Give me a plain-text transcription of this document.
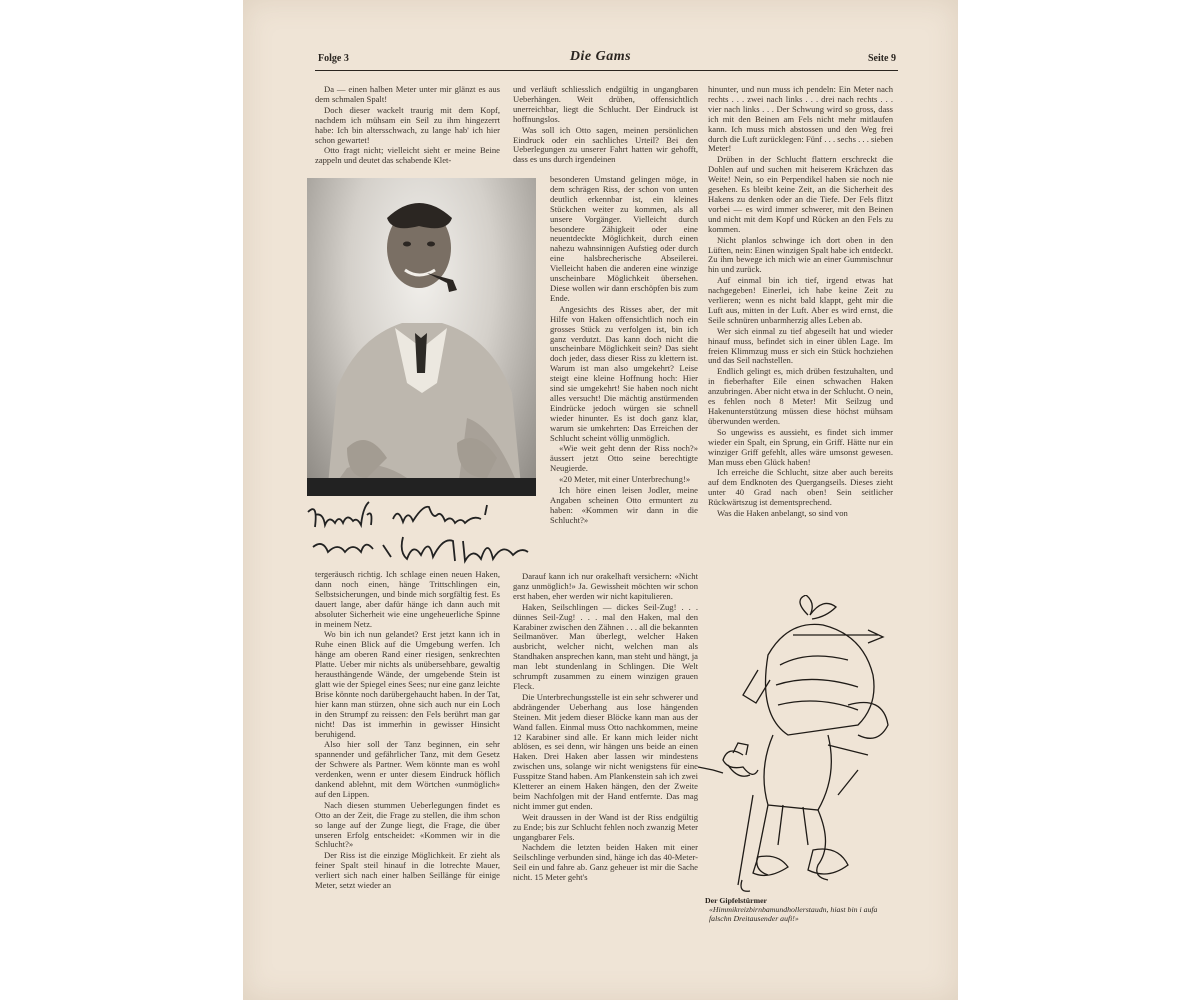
Folge 3	Die Gams	Seite 9

Da — einen halben Meter unter mir glänzt es aus dem schmalen Spalt!

Doch dieser wackelt traurig mit dem Kopf, nachdem ich mühsam ein Seil zu ihm hingezerrt habe: Ich bin altersschwach, zu lange hab' ich hier schon gewartet!

Otto fragt nicht; vielleicht sieht er meine Beine zappeln und deutet das schabende Klet-

tergeräusch richtig. Ich schlage einen neuen Haken, dann noch einen, hänge Trittschlingen ein, Selbstsicherungen, und binde mich sorgfältig fest. Es dauert lange, aber dafür hänge ich dann auch mit absoluter Sicherheit wie eine ungeheuerliche Spinne in meinem Netz.

Wo bin ich nun gelandet? Erst jetzt kann ich in Ruhe einen Blick auf die Umgebung werfen. Ich hänge am oberen Rand einer riesigen, senkrechten Platte. Ueber mir nichts als unübersehbare, gewaltig herausthängende Wände, der umgebende Stein ist glatt wie der Spiegel eines Sees; nur eine ganz leichte Brise könnte noch darübergehaucht haben. In der Tat, hier kann man stürzen, ohne sich auch nur ein Loch in den Strumpf zu reissen: den Fels berührt man gar nicht! Das ist immerhin in gewisser Hinsicht beruhigend.

Also hier soll der Tanz beginnen, ein sehr spannender und gefährlicher Tanz, mit dem Gesetz der Schwere als Partner. Wem könnte man es wohl verdenken, wenn er unter diesem Eindruck höflich dankend ablehnt, mit dem Wörtchen «unmöglich» auf den Lippen.

Nach diesen stummen Ueberlegungen findet es Otto an der Zeit, die Frage zu stellen, die ihm schon so lange auf der Zunge liegt, die Frage, die über unseren Erfolg entscheidet: «Kommen wir in die Schlucht?»

Der Riss ist die einzige Möglichkeit. Er zieht als feiner Spalt steil hinauf in die lotrechte Mauer, verliert sich nach einer halben Seillänge für einige Meter, setzt wieder an

und verläuft schliesslich endgültig in ungangbaren Ueberhängen. Weit drüben, offensichtlich unerreichbar, liegt die Schlucht. Der Eindruck ist hoffnungslos.

Was soll ich Otto sagen, meinen persönlichen Eindruck oder ein sachliches Urteil? Bei den Ueberlegungen zu unserer Fahrt hatten wir gehofft, dass es uns durch irgendeinen

besonderen Umstand gelingen möge, in dem schrägen Riss, der schon von unten deutlich erkennbar ist, ein kleines Stückchen weiter zu kommen, als all unsere Vorgänger. Vielleicht durch besondere Zähigkeit oder eine neuentdeckte Möglichkeit, durch einen nahezu wahnsinnigen Aufstieg oder durch eine halsbrecherische Abseilerei. Vielleicht haben die anderen eine winzige unscheinbare Möglichkeit übersehen. Diese wollen wir dann erschöpfen bis zum Ende.

Angesichts des Risses aber, der mit Hilfe von Haken offensichtlich noch ein grosses Stück zu verfolgen ist, bin ich ganz verdutzt. Das kann doch nicht die unscheinbare Möglichkeit sein? Das sieht doch jeder, dass dieser Riss zu klettern ist. Warum ist man also umgekehrt? Leise steigt eine kleine Hoffnung hoch: Hier sind sie umgekehrt! Sie haben noch nicht alles versucht! Die mächtig anstürmenden Eindrücke jedoch würgen sie schnell wieder hinunter. Es ist doch ganz klar, warum sie umkehrten: Das Erreichen der Schlucht scheint völlig unmöglich.

«Wie weit geht denn der Riss noch?» äussert jetzt Otto seine berechtigte Neugierde.

«20 Meter, mit einer Unterbrechung!»

Ich höre einen leisen Jodler, meine Angaben scheinen Otto ermuntert zu haben: «Kommen wir dann in die Schlucht?»

Darauf kann ich nur orakelhaft versichern: «Nicht ganz unmöglich!» Ja. Gewissheit möchten wir schon erst haben, eher werden wir nicht kapitulieren.

Haken, Seilschlingen — dickes Seil-Zug! . . . dünnes Seil-Zug! . . . mal den Haken, mal den Karabiner zwischen den Zähnen . . . all die bekannten Seilmanöver. Man überlegt, welcher Haken ausbricht, welcher nicht, welchen man als Standhaken ansprechen kann, man steht und hängt, ja man lebt stundenlang in Schlingen. Die Welt schrumpft zusammen zu einem winzigen grauen Fleck.

Die Unterbrechungsstelle ist ein sehr schwerer und abdrängender Ueberhang aus lose hängenden Steinen. Mit jedem dieser Blöcke kann man aus der Wand fallen. Einmal muss Otto nachkommen, meine 12 Karabiner sind alle. Er kann mich leider nicht ablösen, es sei denn, wir hängen uns beide an einen Haken. Drei Haken aber lassen wir mindestens zwischen uns, solange wir nicht wenigstens für eine Fusspitze Stand haben. Am Plankenstein sah ich zwei Kletterer an einem Haken hängen, den der Zweite beim Nachfolgen mit der Hand entfernte. Das mag nicht immer gut enden.

Weit draussen in der Wand ist der Riss endgültig zu Ende; bis zur Schlucht fehlen noch zwanzig Meter ungangbarer Fels.

Nachdem die letzten beiden Haken mit einer Seilschlinge verbunden sind, hänge ich das 40-Meter-Seil ein und fahre ab. Ganz geheuer ist mir die Sache nicht. 15 Meter geht's

hinunter, und nun muss ich pendeln: Ein Meter nach rechts . . . zwei nach links . . . drei nach rechts . . . vier nach links . . . Der Schwung wird so gross, dass ich mit den Beinen am Fels nicht mehr mitlaufen kann. Ich muss mich abstossen und den Weg frei durch die Luft zurücklegen: Fünf . . . sechs . . . sieben Meter!

Drüben in der Schlucht flattern erschreckt die Dohlen auf und suchen mit heiserem Krächzen das Weite! Nein, so ein Perpendikel haben sie noch nie gesehen. Es bleibt keine Zeit, an die Sicherheit des Hakens zu denken oder an die Tiefe. Der Fels flitzt vorbei — es wird immer schwerer, mit den Beinen und nicht mit dem Kopf und Rücken an den Fels zu kommen.

Nicht planlos schwinge ich dort oben in den Lüften, nein: Einen winzigen Spalt habe ich entdeckt. Zu ihm bewege ich mich wie an einer Gummischnur hin und zurück.

Auf einmal bin ich tief, irgend etwas hat nachgegeben! Einerlei, ich habe keine Zeit zu verlieren; wenn es nicht bald klappt, geht mir die Luft aus, mitten in der Luft. Aber es wird ernst, die Seile schnüren unbarmherzig alles Leben ab.

Wer sich einmal zu tief abgeseilt hat und wieder hinauf muss, befindet sich in einer üblen Lage. Im freien Klimmzug muss er sich ein Stück hochziehen und das Seil nachstellen.

Endlich gelingt es, mich drüben festzuhalten, und in fieberhafter Eile einen schwachen Haken anzubringen. Aber nicht etwa in der Schlucht. O nein, es fehlen noch 8 Meter! Mit Seilzug und Hakenunterstützung müssen diese höchst mühsam überwunden werden.

So ungewiss es aussieht, es findet sich immer wieder ein Spalt, ein Sprung, ein Griff. Hätte nur ein winziger Griff gefehlt, alles wäre umsonst gewesen. Man muss eben Glück haben!

Ich erreiche die Schlucht, sitze aber auch bereits auf dem Endknoten des Quergangseils. Dieses zieht unter 40 Grad nach oben! Sein seitlicher Rückwärtszug ist dementsprechend.

Was die Haken anbelangt, so sind von

Der Gipfelstürmer
«Himmikreizbirnbamundhollerstaudn, hiast bin i aufa falschn Dreitausender aufi!»
